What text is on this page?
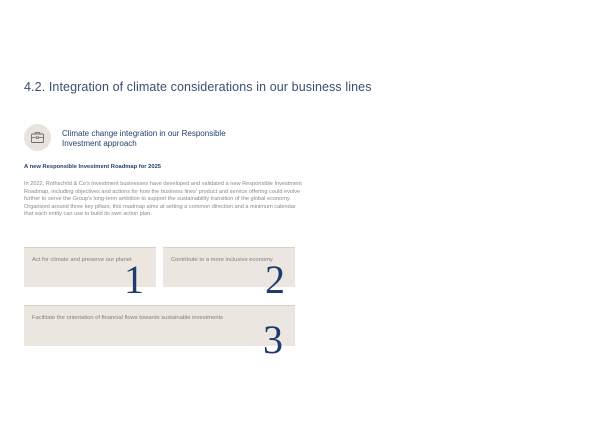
4.2. Integration of climate considerations in our business lines
Climate change integration in our Responsible Investment approach
A new Responsible Investment Roadmap for 2025
In 2022, Rothschild & Co's Investment businesses have developed and validated a new Responsible Investment Roadmap, including objectives and actions for how the business lines' product and service offering could evolve further to serve the Group's long-term ambition to support the sustainability transition of the global economy. Organised around three key pillars, this roadmap aims at setting a common direction and a minimum calendar that each entity can use to build its own action plan.
Act for climate and preserve our planet
1	Contribute to a more inclusive economy
2
Facilitate the orientation of financial flows towards sustainable investments 3
